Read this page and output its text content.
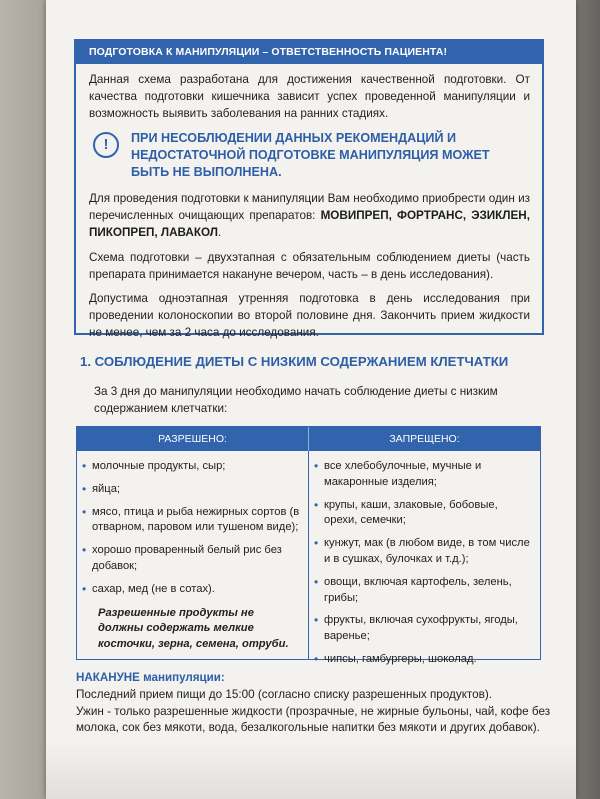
ПОДГОТОВКА К МАНИПУЛЯЦИИ – ОТВЕТСТВЕННОСТЬ ПАЦИЕНТА!

Данная схема разработана для достижения качественной подготовки. От качества подготовки кишечника зависит успех проведенной манипуляции и возможность выявить заболевания на ранних стадиях.

!	ПРИ НЕСОБЛЮДЕНИИ ДАННЫХ РЕКОМЕНДАЦИЙ И НЕДОСТАТОЧНОЙ ПОДГОТОВКЕ МАНИПУЛЯЦИЯ МОЖЕТ БЫТЬ НЕ ВЫПОЛНЕНА.

Для проведения подготовки к манипуляции Вам необходимо приобрести один из перечисленных очищающих препаратов: МОВИПРЕП, ФОРТРАНС, ЭЗИКЛЕН, ПИКОПРЕП, ЛАВАКОЛ.

Схема подготовки – двухэтапная с обязательным соблюдением диеты (часть препарата принимается накануне вечером, часть – в день исследования).

Допустима одноэтапная утренняя подготовка в день исследования при проведении колоноскопии во второй половине дня. Закончить прием жидкости не менее, чем за 2 часа до исследования.

1. СОБЛЮДЕНИЕ ДИЕТЫ С НИЗКИМ СОДЕРЖАНИЕМ КЛЕТЧАТКИ
За 3 дня до манипуляции необходимо начать соблюдение диеты с низким содержанием клетчатки:
РАЗРЕШЕНО:	ЗАПРЕЩЕНО:
• молочные продукты, сыр;
• яйца;
• мясо, птица и рыба нежирных сортов (в отварном, паровом или тушеном виде);
• хорошо проваренный белый рис без добавок;
• сахар, мед (не в сотах).
Разрешенные продукты не должны содержать мелкие косточки, зерна, семена, отруби.
• все хлебобулочные, мучные и макаронные изделия;
• крупы, каши, злаковые, бобовые, орехи, семечки;
• кунжут, мак (в любом виде, в том числе и в сушках, булочках и т.д.);
• овощи, включая картофель, зелень, грибы;
• фрукты, включая сухофрукты, ягоды, варенье;
• чипсы, гамбургеры, шоколад.
НАКАНУНЕ манипуляции:

Последний прием пищи до 15:00 (согласно списку разрешенных продуктов).

Ужин - только разрешенные жидкости (прозрачные, не жирные бульоны, чай, кофе без молока, сок без мякоти, вода, безалкогольные напитки без мякоти и других добавок).
